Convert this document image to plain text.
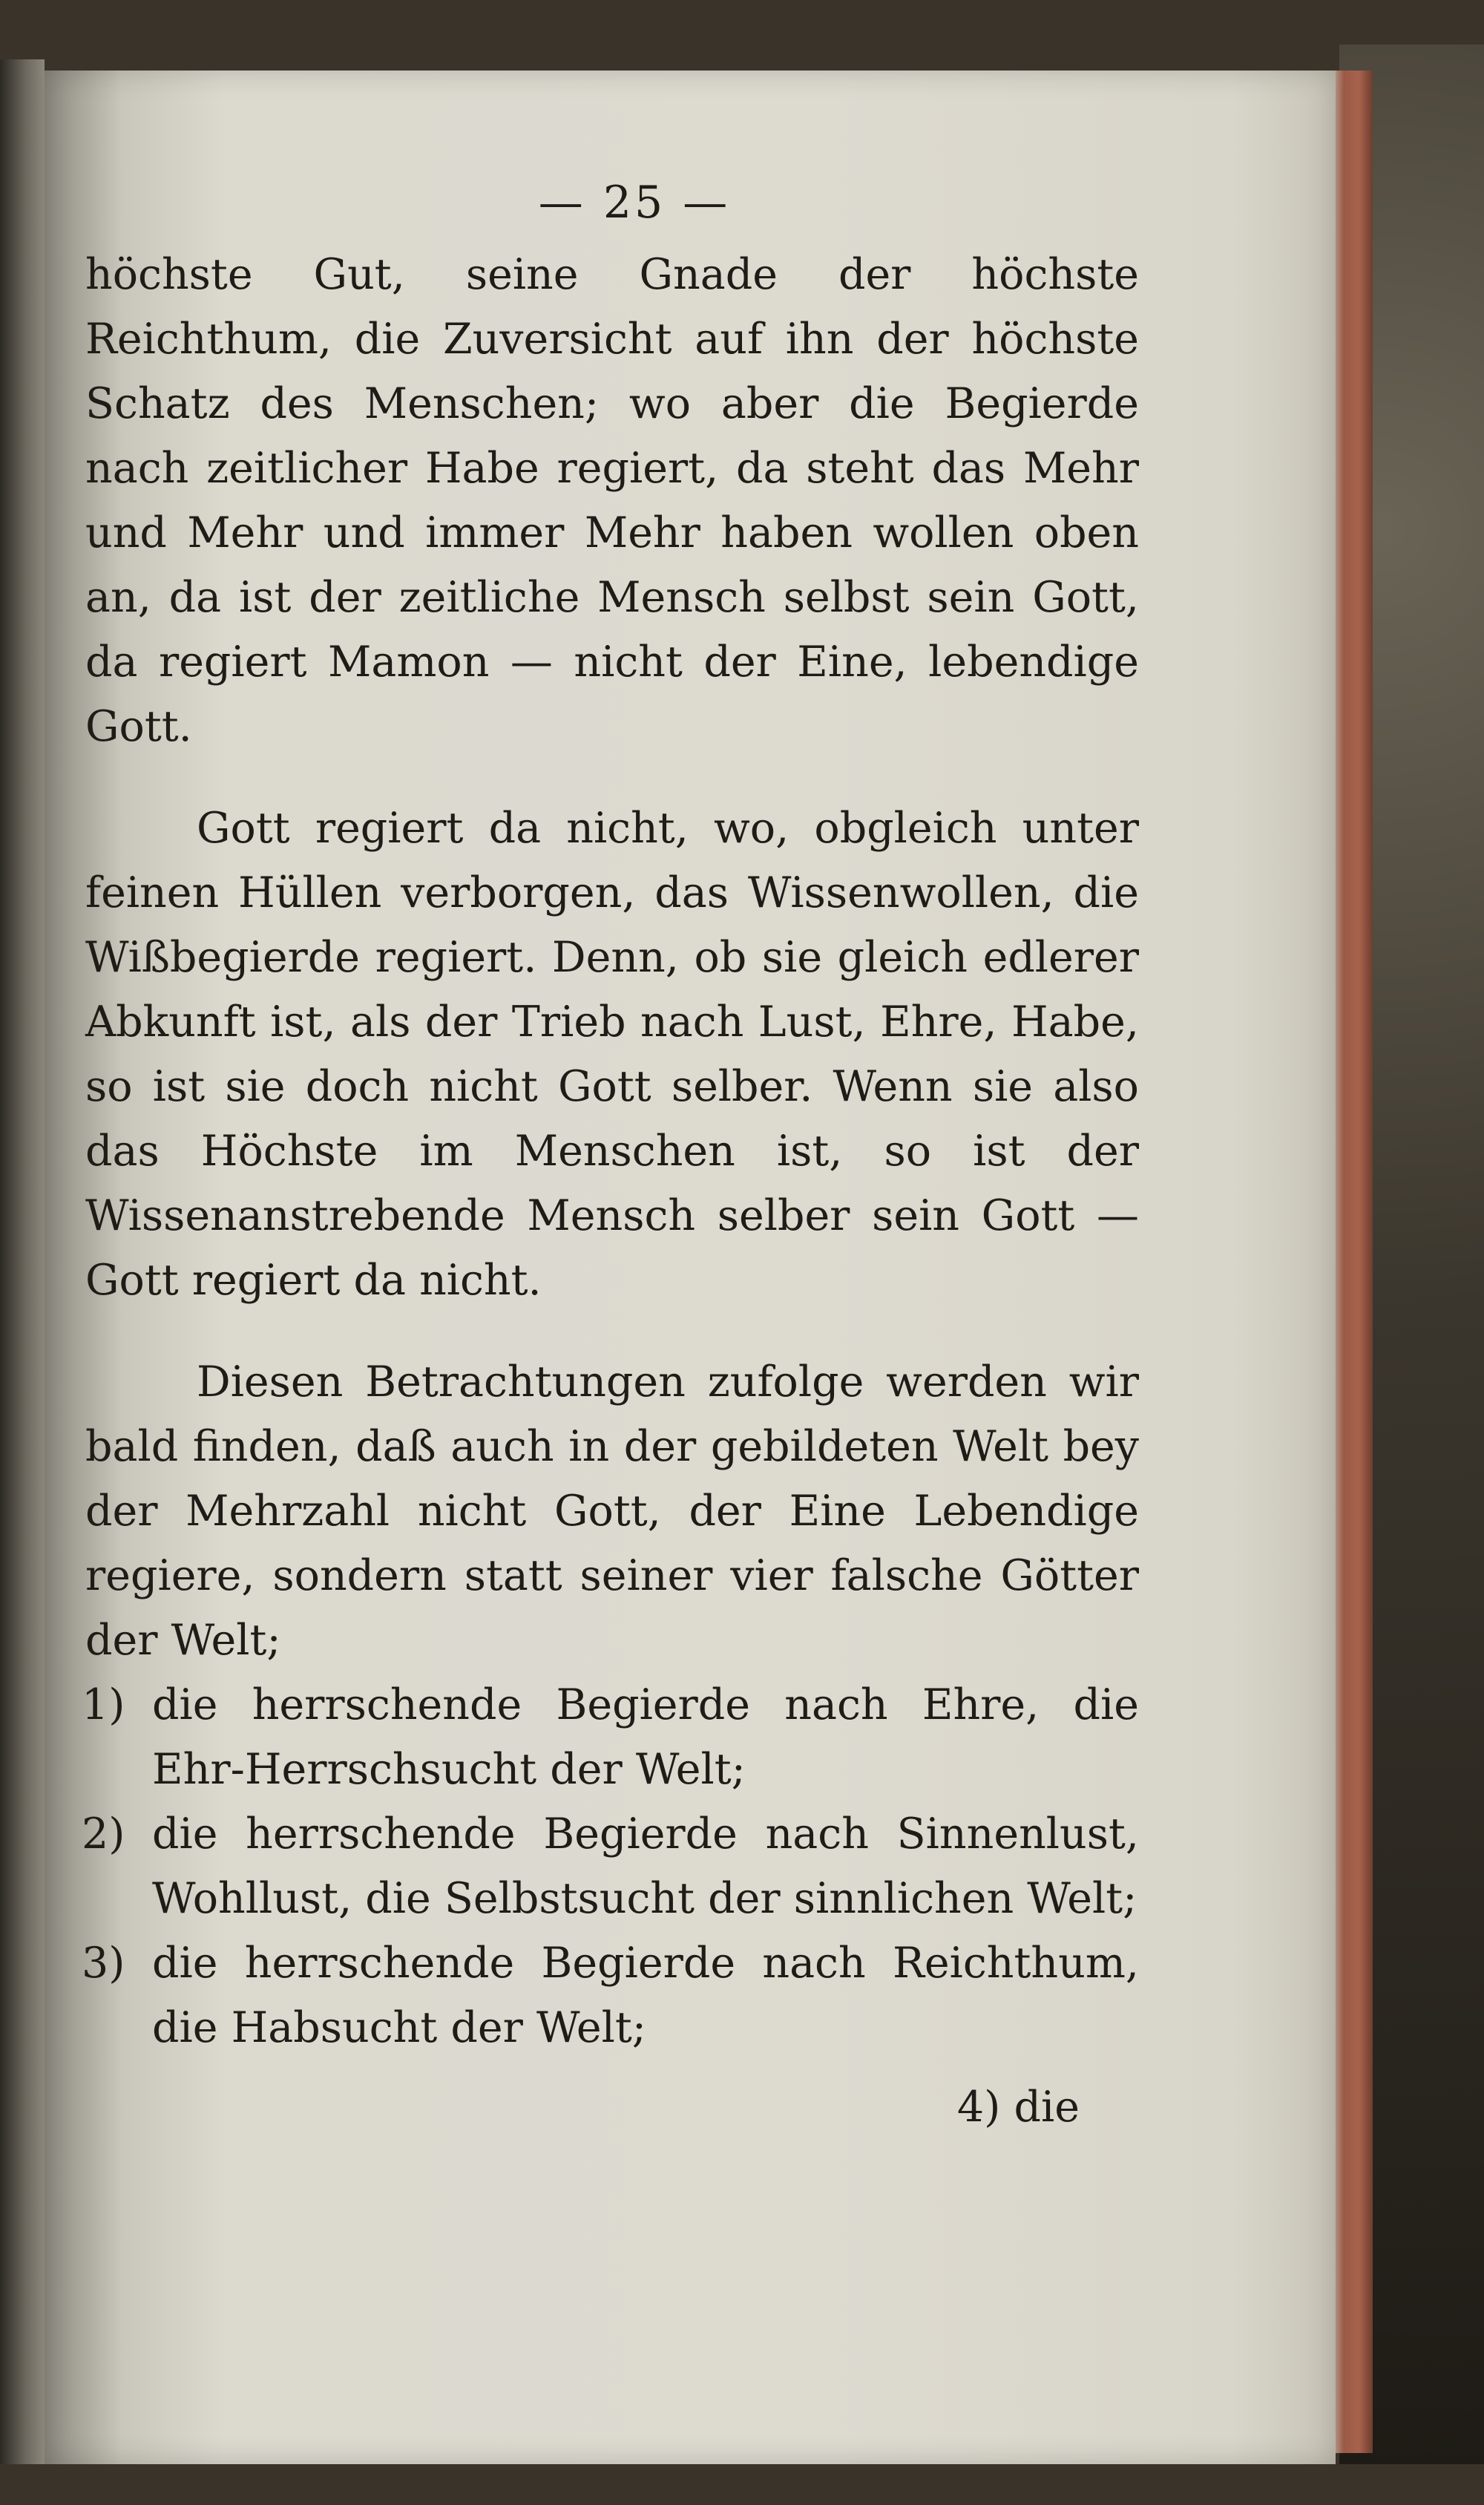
— 25 —
höchste Gut, seine Gnade der höchste Reichthum, die Zuversicht auf ihn der höchste Schatz des Menschen; wo aber die Begierde nach zeitlicher Habe regiert, da steht das Mehr und Mehr und immer Mehr haben wollen oben an, da ist der zeitliche Mensch selbst sein Gott, da regiert Mamon — nicht der Eine, lebendige Gott.
Gott regiert da nicht, wo, obgleich unter feinen Hüllen verborgen, das Wissenwollen, die Wißbegierde regiert. Denn, ob sie gleich edlerer Abkunft ist, als der Trieb nach Lust, Ehre, Habe, so ist sie doch nicht Gott selber. Wenn sie also das Höchste im Menschen ist, so ist der Wissenanstrebende Mensch selber sein Gott — Gott regiert da nicht.
Diesen Betrachtungen zufolge werden wir bald finden, daß auch in der gebildeten Welt bey der Mehrzahl nicht Gott, der Eine Lebendige regiere, sondern statt seiner vier falsche Götter der Welt;
1) die herrschende Begierde nach Ehre, die Ehr-Herrschsucht der Welt;
2) die herrschende Begierde nach Sinnenlust, Wohllust, die Selbstsucht der sinnlichen Welt;
3) die herrschende Begierde nach Reichthum, die Habsucht der Welt;
4) die
